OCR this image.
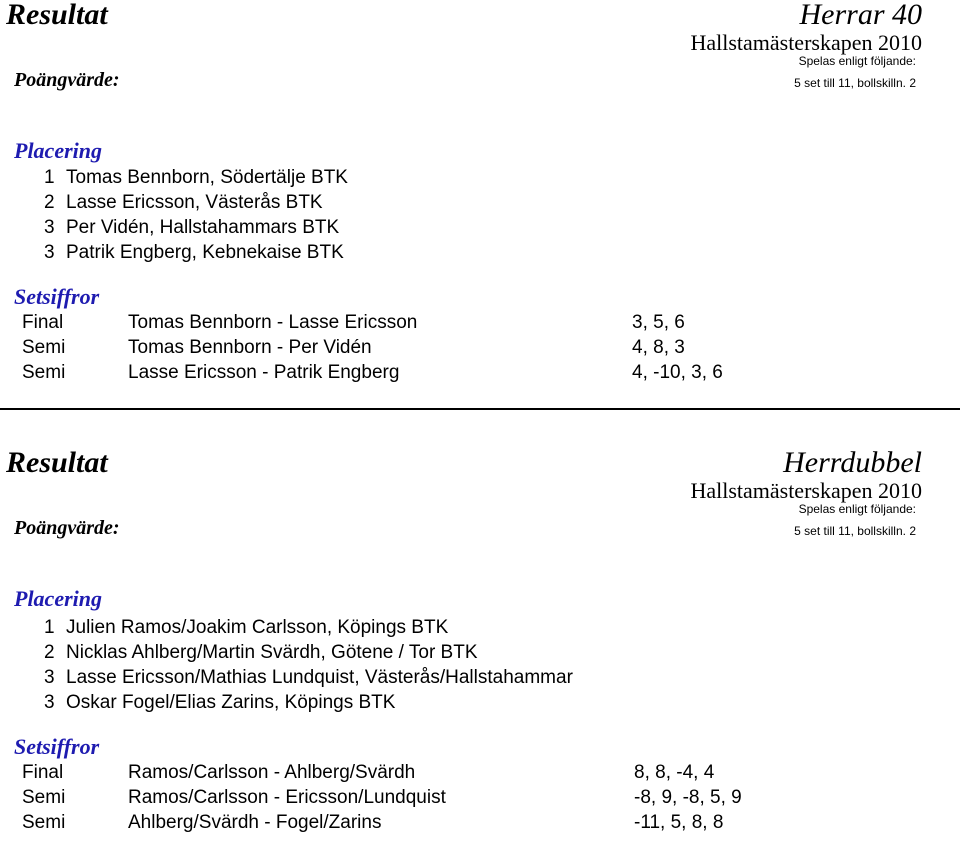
Resultat	Herrar 40
Hallstamästerskapen 2010
Spelas enligt följande:
Poängvärde:	5 set till 11, bollskilln. 2
Placering
1 Tomas Bennborn, Södertälje BTK
2 Lasse Ericsson, Västerås BTK
3 Per Vidén, Hallstahammars BTK
3 Patrik Engberg, Kebnekaise BTK
Setsiffror
Final	Tomas Bennborn - Lasse Ericsson	3, 5, 6
Semi	Tomas Bennborn - Per Vidén	4, 8, 3
Semi	Lasse Ericsson - Patrik Engberg	4, -10, 3, 6
Resultat	Herrdubbel
Hallstamästerskapen 2010
Spelas enligt följande:
Poängvärde:	5 set till 11, bollskilln. 2
Placering
1 Julien Ramos/Joakim Carlsson, Köpings BTK
2 Nicklas Ahlberg/Martin Svärdh, Götene / Tor BTK
3 Lasse Ericsson/Mathias Lundquist, Västerås/Hallstahammar
3 Oskar Fogel/Elias Zarins, Köpings BTK
Setsiffror
Final	Ramos/Carlsson - Ahlberg/Svärdh	8, 8, -4, 4
Semi	Ramos/Carlsson - Ericsson/Lundquist	-8, 9, -8, 5, 9
Semi	Ahlberg/Svärdh - Fogel/Zarins	-11, 5, 8, 8
